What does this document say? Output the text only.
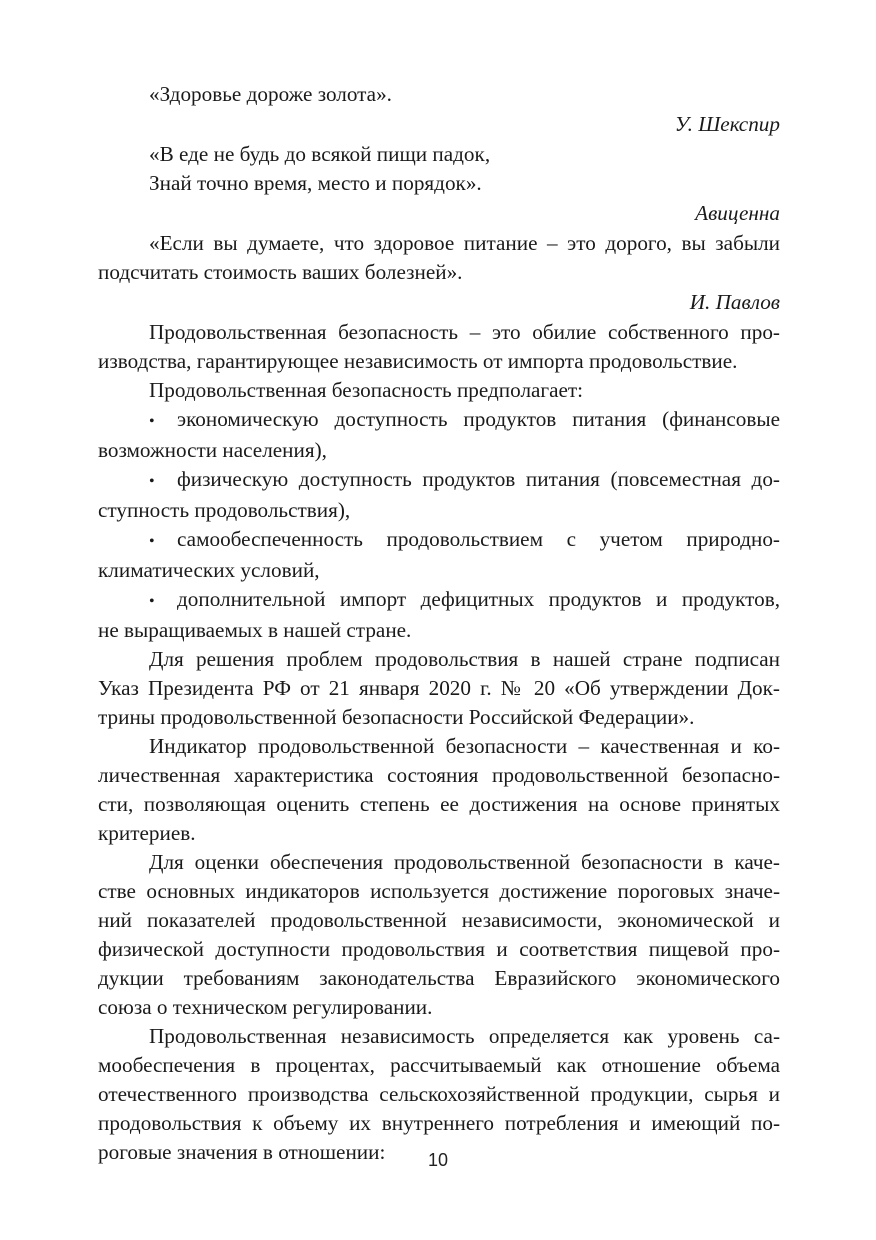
«Здоровье дороже золота».
У. Шекспир
«В еде не будь до всякой пищи падок,
Знай точно время, место и порядок».
Авиценна
«Если вы думаете, что здоровое питание – это дорого, вы забыли
подсчитать стоимость ваших болезней».
И. Павлов
Продовольственная безопасность – это обилие собственного про-
изводства, гарантирующее независимость от импорта продовольствие.
Продовольственная безопасность предполагает:
• экономическую доступность продуктов питания (финансовые
возможности населения),
• физическую доступность продуктов питания (повсеместная до-
ступность продовольствия),
• самообеспеченность продовольствием с учетом природно-
климатических условий,
• дополнительной импорт дефицитных продуктов и продуктов,
не выращиваемых в нашей стране.
Для решения проблем продовольствия в нашей стране подписан
Указ Президента РФ от 21 января 2020 г. № 20 «Об утверждении Док-
трины продовольственной безопасности Российской Федерации».
Индикатор продовольственной безопасности – качественная и ко-
личественная характеристика состояния продовольственной безопасно-
сти, позволяющая оценить степень ее достижения на основе принятых
критериев.
Для оценки обеспечения продовольственной безопасности в каче-
стве основных индикаторов используется достижение пороговых значе-
ний показателей продовольственной независимости, экономической и
физической доступности продовольствия и соответствия пищевой про-
дукции требованиям законодательства Евразийского экономического
союза о техническом регулировании.
Продовольственная независимость определяется как уровень са-
мообеспечения в процентах, рассчитываемый как отношение объема
отечественного производства сельскохозяйственной продукции, сырья и
продовольствия к объему их внутреннего потребления и имеющий по-
роговые значения в отношении:	10
